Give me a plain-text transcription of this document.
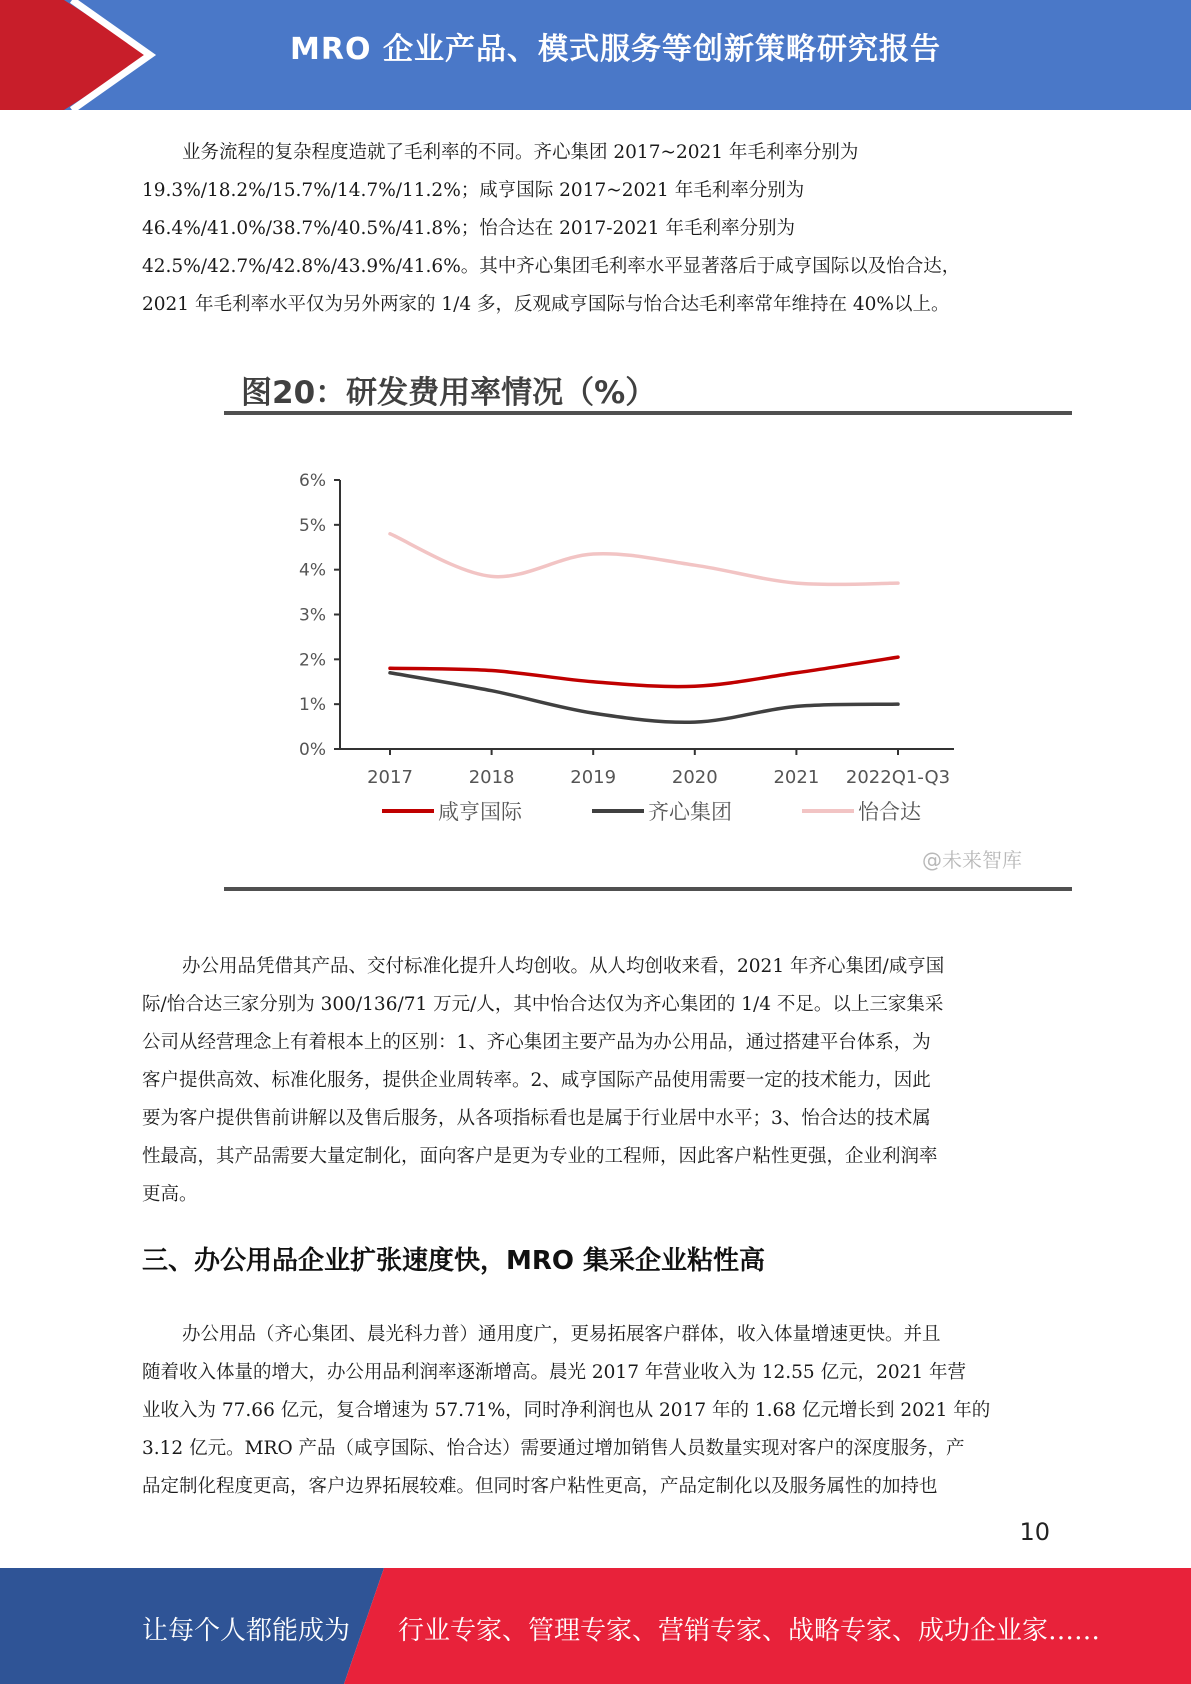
MRO 企业产品、模式服务等创新策略研究报告
业务流程的复杂程度造就了毛利率的不同。齐心集团 2017~2021 年毛利率分别为
19.3%/18.2%/15.7%/14.7%/11.2%；咸亨国际 2017~2021 年毛利率分别为
46.4%/41.0%/38.7%/40.5%/41.8%；怡合达在 2017-2021 年毛利率分别为
42.5%/42.7%/42.8%/43.9%/41.6%。其中齐心集团毛利率水平显著落后于咸亨国际以及怡合达，
2021 年毛利率水平仅为另外两家的 1/4 多，反观咸亨国际与怡合达毛利率常年维持在 40%以上。
图20：研发费用率情况（%）
0%
1%
2%
3%
4%
5%
6%
2017	2018	2019	2020	2021 2022Q1-Q3
咸亨国际	齐心集团	怡合达
@未来智库
办公用品凭借其产品、交付标准化提升人均创收。从人均创收来看，2021 年齐心集团/咸亨国
际/怡合达三家分别为 300/136/71 万元/人，其中怡合达仅为齐心集团的 1/4 不足。以上三家集采
公司从经营理念上有着根本上的区别：1、齐心集团主要产品为办公用品，通过搭建平台体系，为
客户提供高效、标准化服务，提供企业周转率。2、咸亨国际产品使用需要一定的技术能力，因此
要为客户提供售前讲解以及售后服务，从各项指标看也是属于行业居中水平；3、怡合达的技术属
性最高，其产品需要大量定制化，面向客户是更为专业的工程师，因此客户粘性更强，企业利润率
更高。
三、办公用品企业扩张速度快，MRO 集采企业粘性高
办公用品（齐心集团、晨光科力普）通用度广，更易拓展客户群体，收入体量增速更快。并且
随着收入体量的增大，办公用品利润率逐渐增高。晨光 2017 年营业收入为 12.55 亿元，2021 年营
业收入为 77.66 亿元，复合增速为 57.71%，同时净利润也从 2017 年的 1.68 亿元增长到 2021 年的
3.12 亿元。MRO 产品（咸亨国际、怡合达）需要通过增加销售人员数量实现对客户的深度服务，产
品定制化程度更高，客户边界拓展较难。但同时客户粘性更高，产品定制化以及服务属性的加持也
10
让每个人都能成为 行业专家、管理专家、营销专家、战略专家、成功企业家……
